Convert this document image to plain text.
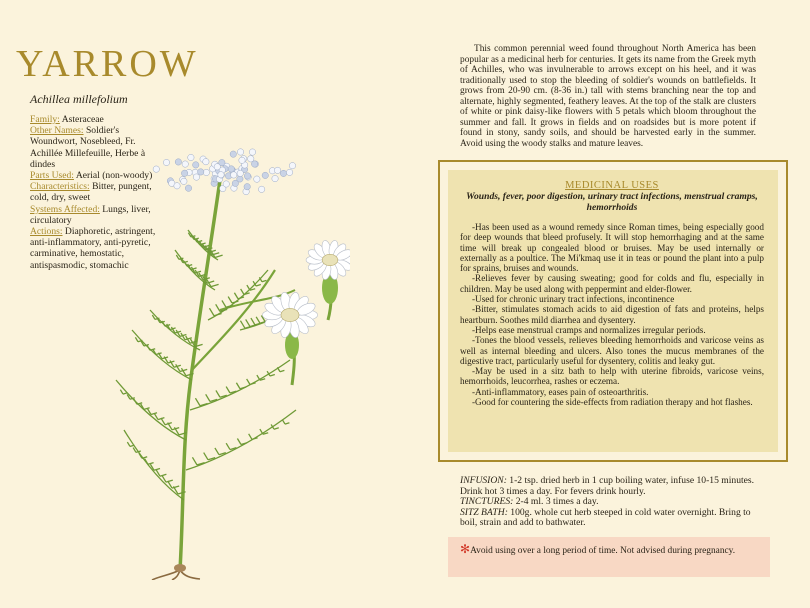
YARROW
Achillea millefolium
Family: Asteraceae
Other Names: Soldier's Woundwort, Nosebleed, Fr. Achillée Millefeuille, Herbe à dindes
Parts Used: Aerial (non-woody)
Characteristics: Bitter, pungent, cold, dry, sweet
Systems Affected: Lungs, liver, circulatory
Actions: Diaphoretic, astringent, anti-inflammatory, anti-pyretic, carminative, hemostatic, antispasmodic, stomachic

This common perennial weed found throughout North America has been popular as a medicinal herb for centuries. It gets its name from the Greek myth of Achilles, who was invulnerable to arrows except on his heel, and it was traditionally used to stop the bleeding of soldier's wounds on battlefields. It grows from 20-90 cm. (8-36 in.) tall with stems branching near the top and alternate, highly segmented, feathery leaves. At the top of the stalk are clusters of white or pink daisy-like flowers with 5 petals which bloom throughout the summer and fall. It grows in fields and on roadsides but is more potent if found in stony, sandy soils, and should be harvested early in the summer. Avoid using the woody stalks and mature leaves.

MEDICINAL USES
Wounds, fever, poor digestion, urinary tract infections, menstrual cramps, hemorrhoids

-Has been used as a wound remedy since Roman times, being especially good for deep wounds that bleed profusely. It will stop hemorrhaging and at the same time will break up congealed blood or bruises. May be used internally or externally as a poultice. The Mi'kmaq use it in teas or pound the plant into a pulp for sprains, bruises and wounds.

-Relieves fever by causing sweating; good for colds and flu, especially in children. May be used along with peppermint and elder-flower.

-Used for chronic urinary tract infections, incontinence

-Bitter, stimulates stomach acids to aid digestion of fats and proteins, helps heartburn. Soothes mild diarrhea and dysentery.

-Helps ease menstrual cramps and normalizes irregular periods.

-Tones the blood vessels, relieves bleeding hemorrhoids and varicose veins as well as internal bleeding and ulcers. Also tones the mucus membranes of the digestive tract, particularly useful for dysentery, colitis and leaky gut.

-May be used in a sitz bath to help with uterine fibroids, varicose veins, hemorrhoids, leucorrhea, rashes or eczema.

-Anti-inflammatory, eases pain of osteoarthritis.

-Good for countering the side-effects from radiation therapy and hot flashes.

INFUSION: 1-2 tsp. dried herb in 1 cup boiling water, infuse 10-15 minutes. Drink hot 3 times a day. For fevers drink hourly.
TINCTURES: 2-4 ml. 3 times a day.
SITZ BATH: 100g. whole cut herb steeped in cold water overnight. Bring to boil, strain and add to bathwater.
✻Avoid using over a long period of time. Not advised during pregnancy.
